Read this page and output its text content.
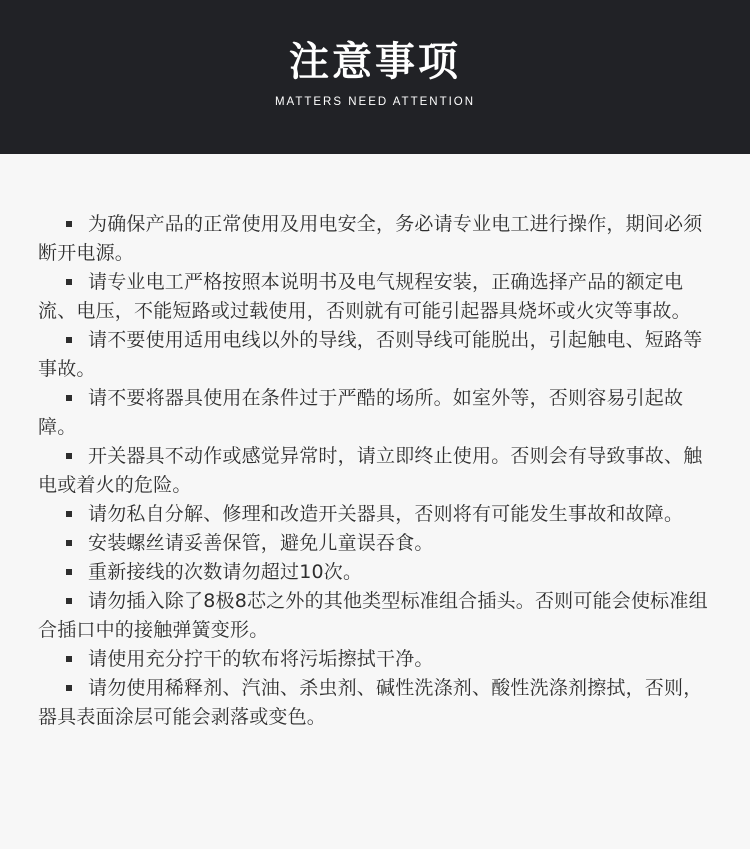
注意事项
MATTERS NEED ATTENTION
为确保产品的正常使用及用电安全，务必请专业电工进行操作，期间必须断开电源。
请专业电工严格按照本说明书及电气规程安装，正确选择产品的额定电流、电压，不能短路或过载使用，否则就有可能引起器具烧坏或火灾等事故。
请不要使用适用电线以外的导线，否则导线可能脱出，引起触电、短路等事故。
请不要将器具使用在条件过于严酷的场所。如室外等，否则容易引起故障。
开关器具不动作或感觉异常时，请立即终止使用。否则会有导致事故、触电或着火的危险。
请勿私自分解、修理和改造开关器具，否则将有可能发生事故和故障。
安装螺丝请妥善保管，避免儿童误吞食。
重新接线的次数请勿超过10次。
请勿插入除了8极8芯之外的其他类型标准组合插头。否则可能会使标准组合插口中的接触弹簧变形。
请使用充分拧干的软布将污垢擦拭干净。
请勿使用稀释剂、汽油、杀虫剂、碱性洗涤剂、酸性洗涤剂擦拭，否则，器具表面涂层可能会剥落或变色。
